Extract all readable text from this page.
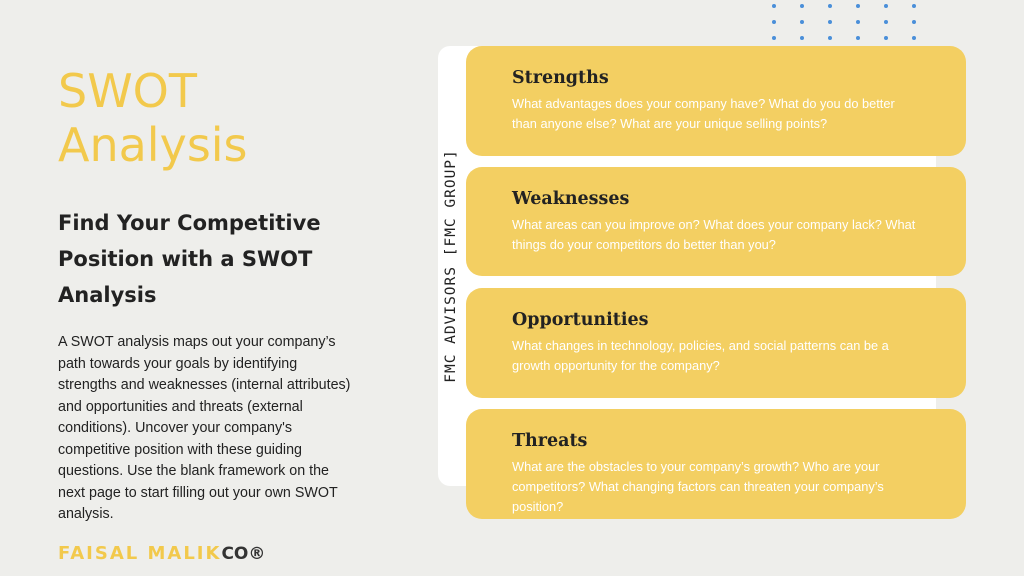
SWOT Analysis
Find Your Competitive Position with a SWOT Analysis

A SWOT analysis maps out your company’s path towards your goals by identifying strengths and weaknesses (internal attributes) and opportunities and threats (external conditions). Uncover your company's competitive position with these guiding questions. Use the blank framework on the next page to start filling out your own SWOT analysis.

FAISAL MALIKCO®
FMC ADVISORS [FMC GROUP]
Strengths

What advantages does your company have? What do you do better than anyone else? What are your unique selling points?

Weaknesses

What areas can you improve on? What does your company lack? What things do your competitors do better than you?

Opportunities

What changes in technology, policies, and social patterns can be a growth opportunity for the company?

Threats

What are the obstacles to your company’s growth? Who are your competitors? What changing factors can threaten your company’s position?
